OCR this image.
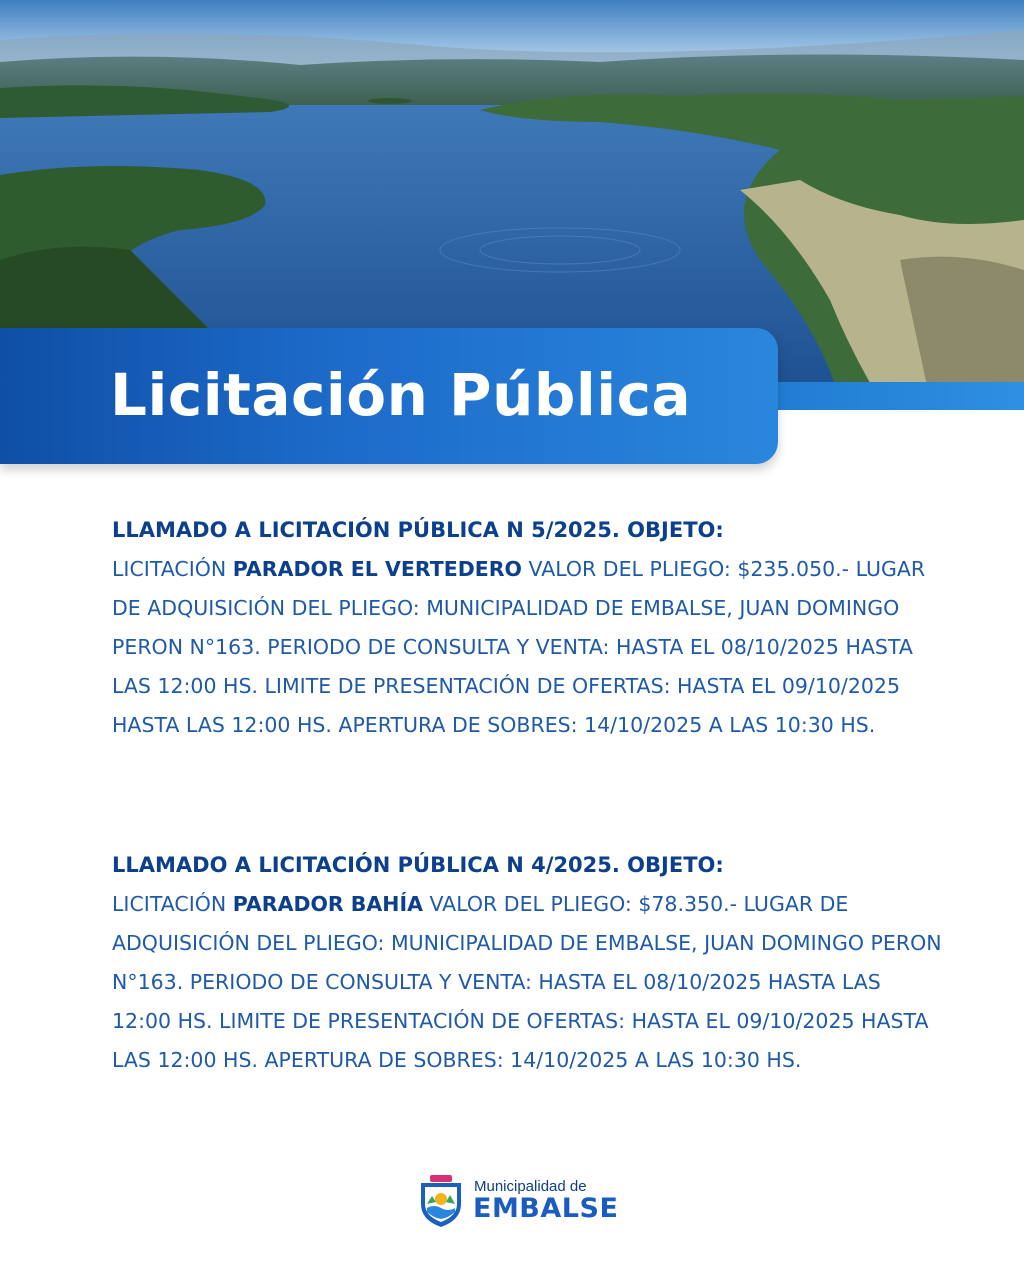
Licitación Pública

LLAMADO A LICITACIÓN PÚBLICA N 5/2025. OBJETO:

LICITACIÓN PARADOR EL VERTEDERO VALOR DEL PLIEGO: $235.050.- LUGAR DE ADQUISICIÓN DEL PLIEGO: MUNICIPALIDAD DE EMBALSE, JUAN DOMINGO PERON N°163. PERIODO DE CONSULTA Y VENTA: HASTA EL 08/10/2025 HASTA LAS 12:00 HS. LIMITE DE PRESENTACIÓN DE OFERTAS: HASTA EL 09/10/2025 HASTA LAS 12:00 HS. APERTURA DE SOBRES: 14/10/2025 A LAS 10:30 HS.

LLAMADO A LICITACIÓN PÚBLICA N 4/2025. OBJETO:

LICITACIÓN PARADOR BAHÍA VALOR DEL PLIEGO: $78.350.- LUGAR DE ADQUISICIÓN DEL PLIEGO: MUNICIPALIDAD DE EMBALSE, JUAN DOMINGO PERON N°163. PERIODO DE CONSULTA Y VENTA: HASTA EL 08/10/2025 HASTA LAS 12:00 HS. LIMITE DE PRESENTACIÓN DE OFERTAS: HASTA EL 09/10/2025 HASTA LAS 12:00 HS. APERTURA DE SOBRES: 14/10/2025 A LAS 10:30 HS.

Municipalidad de

EMBALSE
